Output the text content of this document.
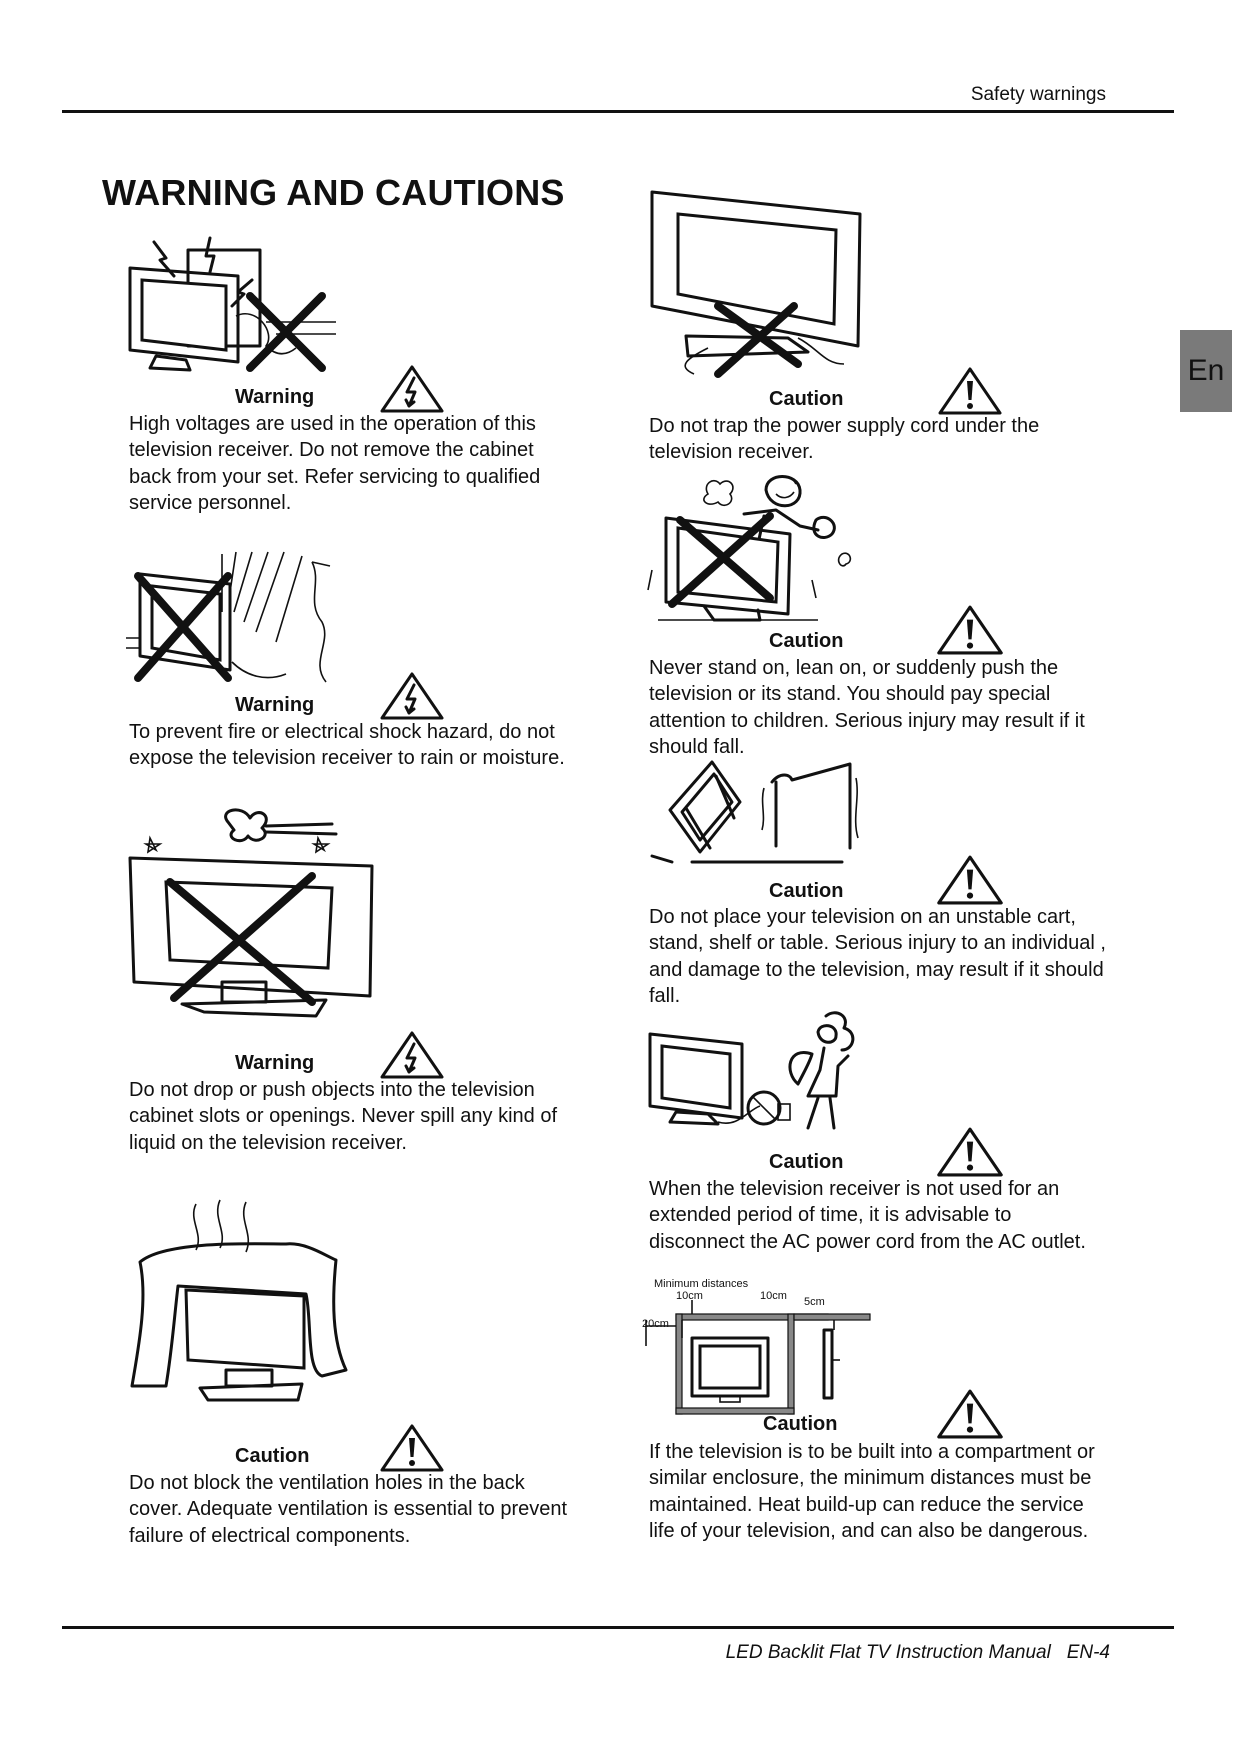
Safety warnings
WARNING AND CAUTIONS
En
Warning
High voltages are used in the operation of this television receiver. Do not remove the cabinet back from your set. Refer servicing to qualified service personnel.
Warning
To prevent fire or electrical shock hazard, do not expose the television receiver to rain or moisture.
Warning
Do not drop or push objects into the television cabinet slots or openings. Never spill any kind of liquid on the television receiver.
Caution
Do not block the ventilation holes in the back cover. Adequate ventilation is essential to prevent failure of electrical components.
Caution
Do not trap the power supply cord under the television receiver.
Caution
Never stand on, lean on, or suddenly push the television or its stand. You should pay special attention to children. Serious injury may result if it should fall.
Caution
Do not place your television on an unstable cart, stand, shelf or table. Serious injury to an individual , and damage to the television, may result if it should fall.
Caution
When the television receiver is not used for an extended period of time, it is advisable to disconnect the AC power cord from the AC outlet.
Minimum distances
10cm	10cm 5cm
20cm
Caution
If the television is to be built into a compartment or similar enclosure, the minimum distances must be maintained. Heat build-up can reduce the service life of your television, and can also be dangerous.
LED Backlit Flat TV Instruction Manual EN-4
